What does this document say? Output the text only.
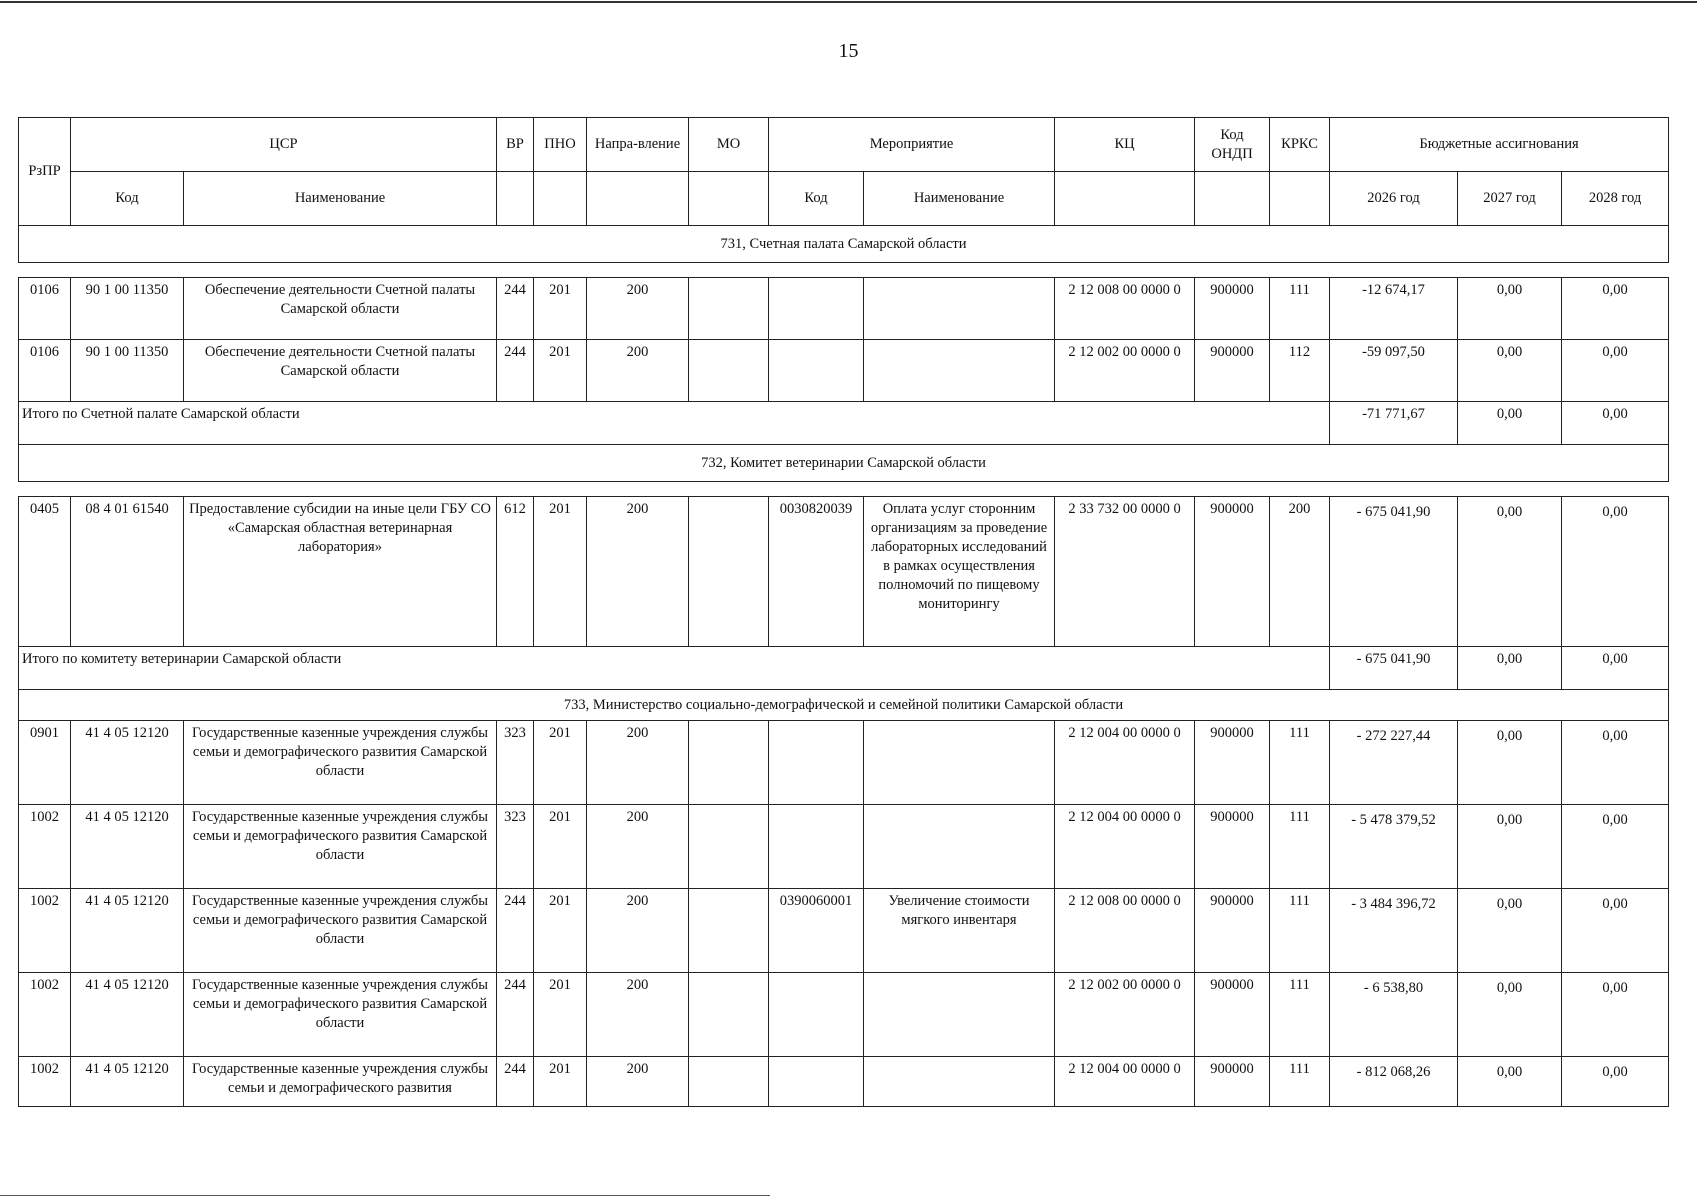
15
РзПР	ЦСР		ВР	ПНО	Напра-вление	МО	Мероприятие		КЦ	Код ОНДП	КРКС	Бюджетные ассигнования		
	Код	Наименование					Код	Наименование				2026 год	2027 год	2028 год
731, Счетная палата Самарской области														

0106	90 1 00 11350	Обеспечение деятельности Счетной палаты Самарской области	244	201	200				2 12 008 00 0000 0	900000	111	-12 674,17	0,00	0,00
0106	90 1 00 11350	Обеспечение деятельности Счетной палаты Самарской области	244	201	200				2 12 002 00 0000 0	900000	112	-59 097,50	0,00	0,00
Итого по Счетной палате Самарской области												-71 771,67	0,00	0,00
732, Комитет ветеринарии Самарской области														

0405	08 4 01 61540	Предоставление субсидии на иные цели ГБУ СО «Самарская областная ветеринарная лаборатория»	612	201	200		0030820039	Оплата услуг сторонним организациям за проведение лабораторных исследований в рамках осуществления полномочий по пищевому мониторингу	2 33 732 00 0000 0	900000	200	- 675 041,90	0,00	0,00
Итого по комитету ветеринарии Самарской области												- 675 041,90	0,00	0,00
733, Министерство социально-демографической и семейной политики Самарской области														
0901	41 4 05 12120	Государственные казенные учреждения службы семьи и демографического развития Самарской области	323	201	200				2 12 004 00 0000 0	900000	111	- 272 227,44	0,00	0,00
1002	41 4 05 12120	Государственные казенные учреждения службы семьи и демографического развития Самарской области	323	201	200				2 12 004 00 0000 0	900000	111	- 5 478 379,52	0,00	0,00
1002	41 4 05 12120	Государственные казенные учреждения службы семьи и демографического развития Самарской области	244	201	200		0390060001	Увеличение стоимости мягкого инвентаря	2 12 008 00 0000 0	900000	111	- 3 484 396,72	0,00	0,00
1002	41 4 05 12120	Государственные казенные учреждения службы семьи и демографического развития Самарской области	244	201	200				2 12 002 00 0000 0	900000	111	- 6 538,80	0,00	0,00
1002	41 4 05 12120	Государственные казенные учреждения службы семьи и демографического развития	244	201	200				2 12 004 00 0000 0	900000	111	- 812 068,26	0,00	0,00
